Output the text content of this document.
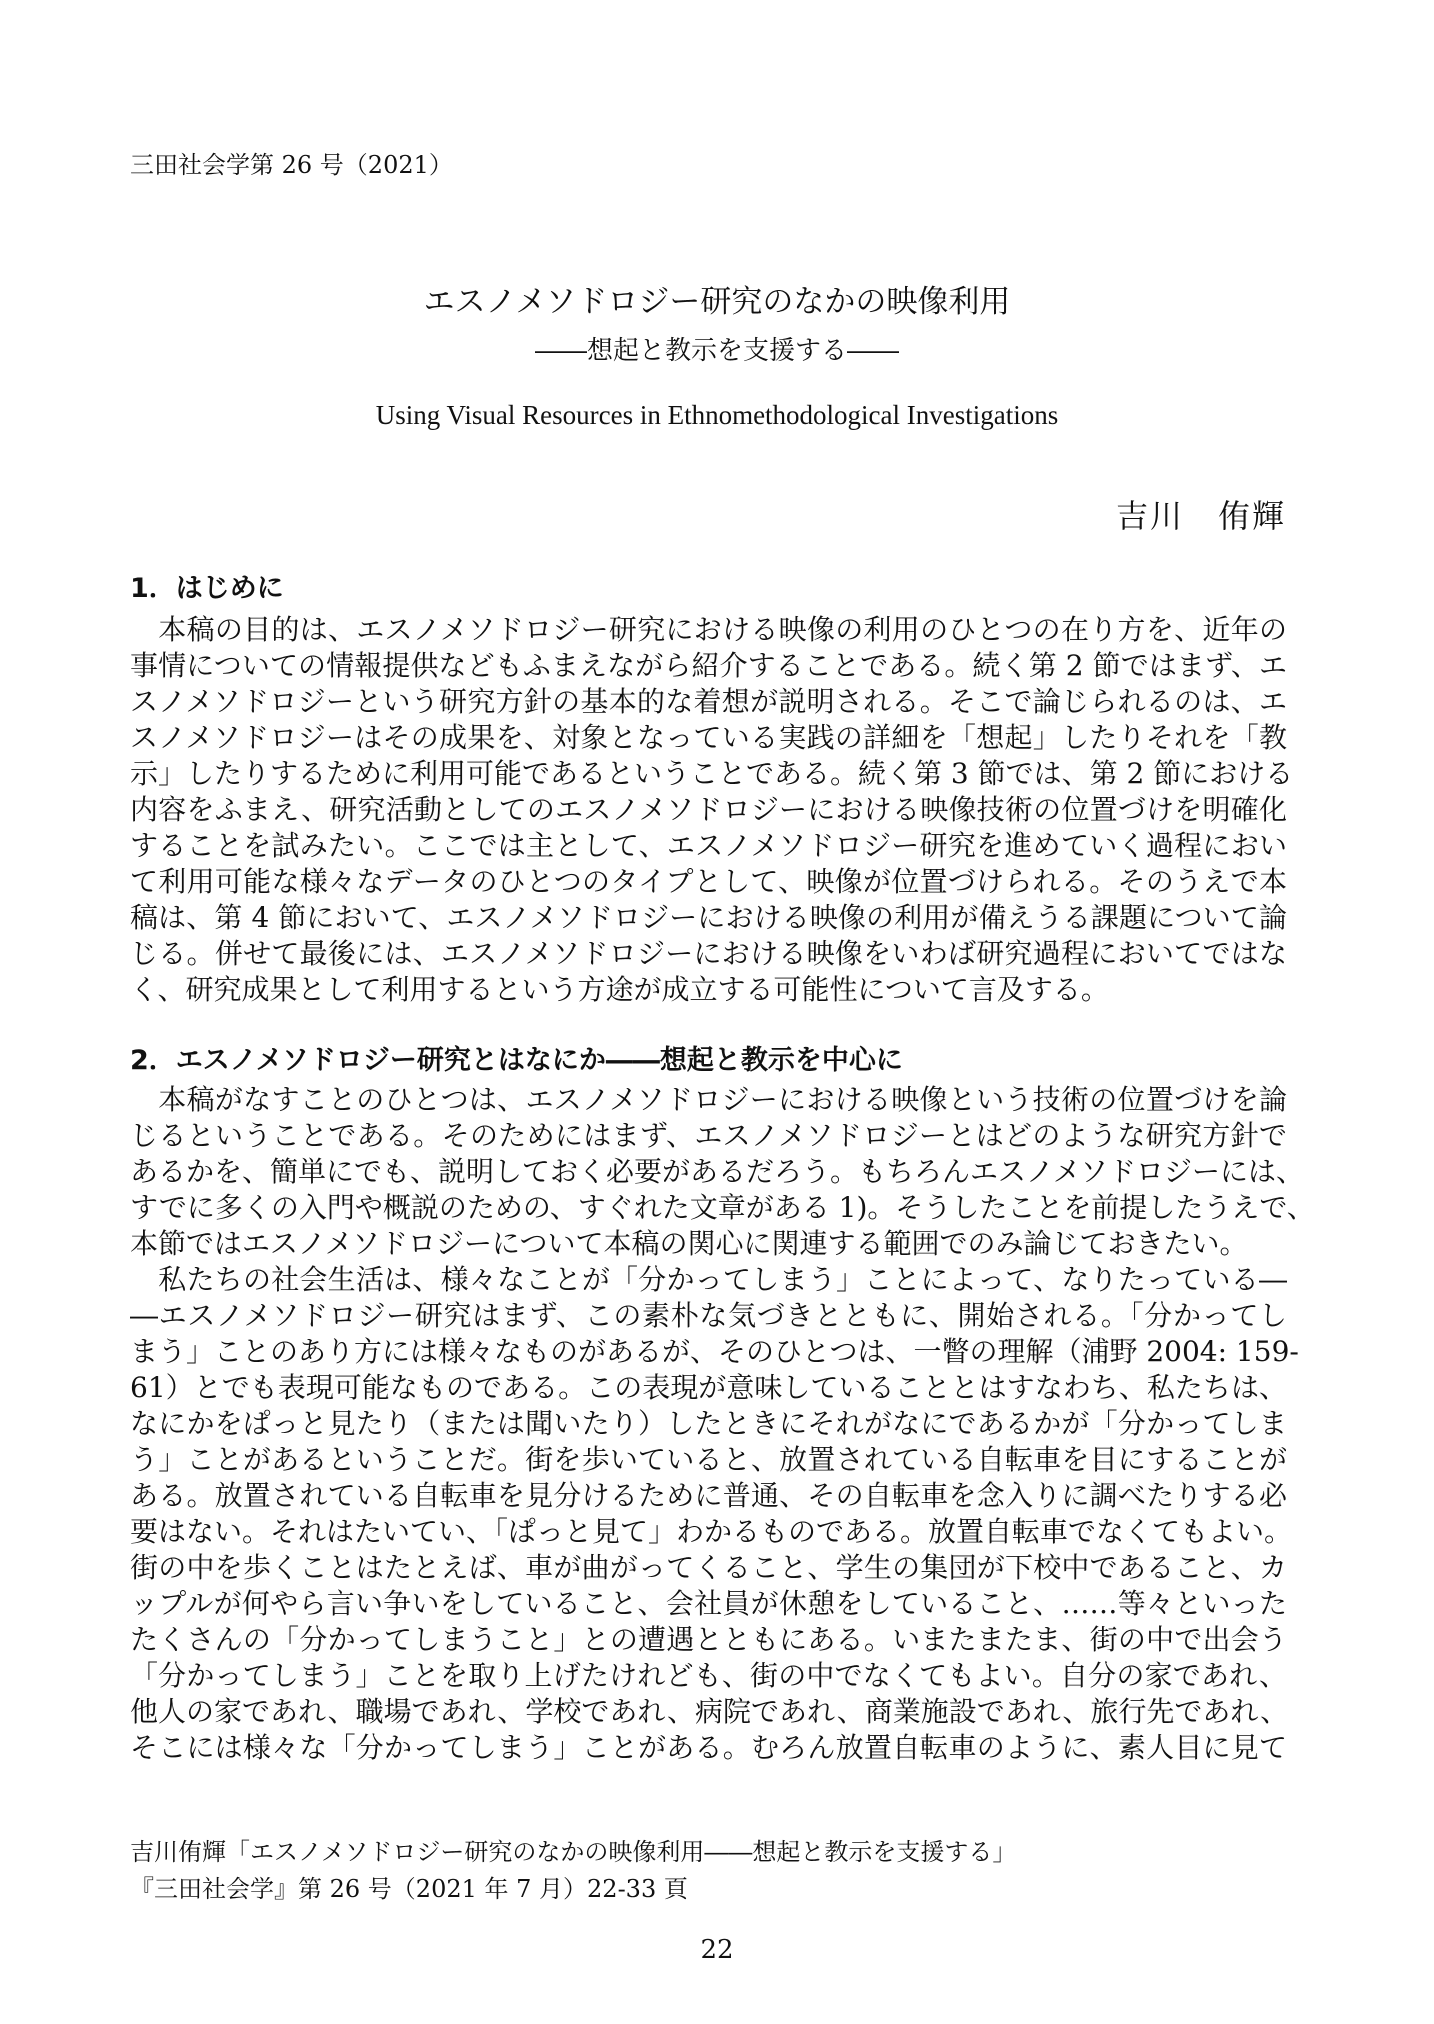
三田社会学第 26 号（2021）
エスノメソドロジー研究のなかの映像利用
――想起と教示を支援する――
Using Visual Resources in Ethnomethodological Investigations
吉川　侑輝
1．はじめに
　本稿の目的は、エスノメソドロジー研究における映像の利用のひとつの在り方を、近年の
事情についての情報提供などもふまえながら紹介することである。続く第 2 節ではまず、エ
スノメソドロジーという研究方針の基本的な着想が説明される。そこで論じられるのは、エ
スノメソドロジーはその成果を、対象となっている実践の詳細を「想起」したりそれを「教
示」したりするために利用可能であるということである。続く第 3 節では、第 2 節における
内容をふまえ、研究活動としてのエスノメソドロジーにおける映像技術の位置づけを明確化
することを試みたい。ここでは主として、エスノメソドロジー研究を進めていく過程におい
て利用可能な様々なデータのひとつのタイプとして、映像が位置づけられる。そのうえで本
稿は、第 4 節において、エスノメソドロジーにおける映像の利用が備えうる課題について論
じる。併せて最後には、エスノメソドロジーにおける映像をいわば研究過程においてではな
く、研究成果として利用するという方途が成立する可能性について言及する。
2．エスノメソドロジー研究とはなにか――想起と教示を中心に
　本稿がなすことのひとつは、エスノメソドロジーにおける映像という技術の位置づけを論
じるということである。そのためにはまず、エスノメソドロジーとはどのような研究方針で
あるかを、簡単にでも、説明しておく必要があるだろう。もちろんエスノメソドロジーには、
すでに多くの入門や概説のための、すぐれた文章がある 1)。そうしたことを前提したうえで、
本節ではエスノメソドロジーについて本稿の関心に関連する範囲でのみ論じておきたい。
　私たちの社会生活は、様々なことが「分かってしまう」ことによって、なりたっている―
―エスノメソドロジー研究はまず、この素朴な気づきとともに、開始される。「分かってし
まう」ことのあり方には様々なものがあるが、そのひとつは、一瞥の理解（浦野 2004: 159-
61）とでも表現可能なものである。この表現が意味していることとはすなわち、私たちは、
なにかをぱっと見たり（または聞いたり）したときにそれがなにであるかが「分かってしま
う」ことがあるということだ。街を歩いていると、放置されている自転車を目にすることが
ある。放置されている自転車を見分けるために普通、その自転車を念入りに調べたりする必
要はない。それはたいてい、「ぱっと見て」わかるものである。放置自転車でなくてもよい。
街の中を歩くことはたとえば、車が曲がってくること、学生の集団が下校中であること、カ
ップルが何やら言い争いをしていること、会社員が休憩をしていること、……等々といった
たくさんの「分かってしまうこと」との遭遇とともにある。いまたまたま、街の中で出会う
「分かってしまう」ことを取り上げたけれども、街の中でなくてもよい。自分の家であれ、
他人の家であれ、職場であれ、学校であれ、病院であれ、商業施設であれ、旅行先であれ、
そこには様々な「分かってしまう」ことがある。むろん放置自転車のように、素人目に見て
吉川侑輝「エスノメソドロジー研究のなかの映像利用――想起と教示を支援する」
『三田社会学』第 26 号（2021 年 7 月）22-33 頁
22
